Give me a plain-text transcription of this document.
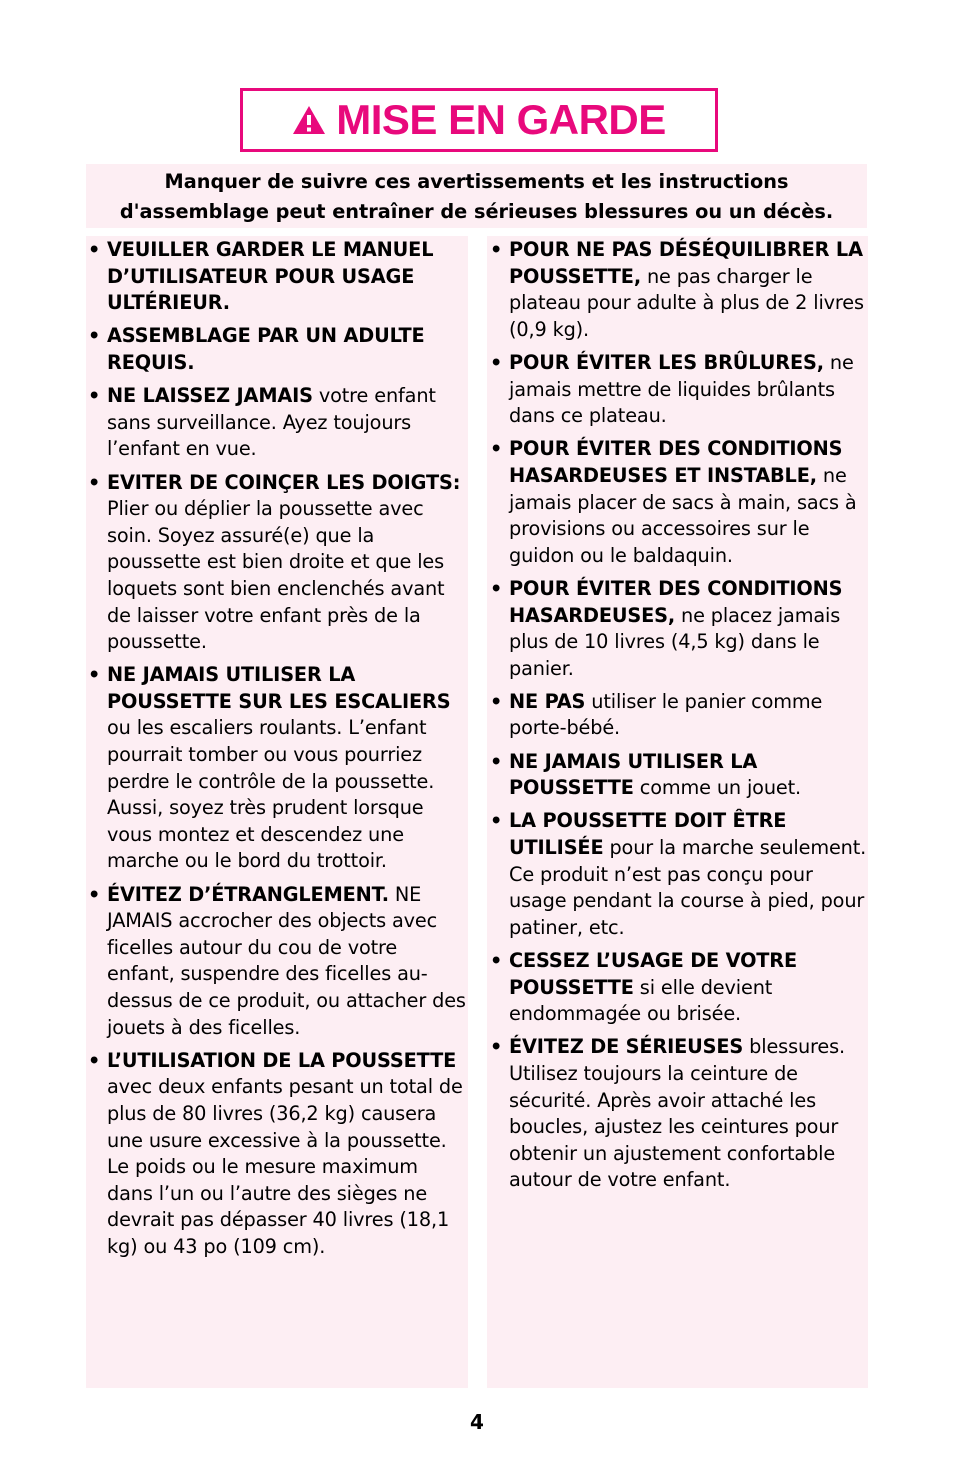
MISE EN GARDE
Manquer de suivre ces avertissements et les instructions
d'assemblage peut entraîner de sérieuses blessures ou un décès.
• VEUILLER GARDER LE MANUEL D’UTILISATEUR POUR USAGE ULTÉRIEUR.
• ASSEMBLAGE PAR UN ADULTE REQUIS.
• NE LAISSEZ JAMAIS votre enfant sans surveillance. Ayez toujours l’enfant en vue.
• EVITER DE COINÇER LES DOIGTS: Plier ou déplier la poussette avec soin. Soyez assuré(e) que la poussette est bien droite et que les loquets sont bien enclenchés avant de laisser votre enfant près de la poussette.
• NE JAMAIS UTILISER LA POUSSETTE SUR LES ESCALIERS ou les escaliers roulants. L’enfant pourrait tomber ou vous pourriez perdre le contrôle de la poussette. Aussi, soyez très prudent lorsque vous montez et descendez une marche ou le bord du trottoir.
• ÉVITEZ D’ÉTRANGLEMENT. NE JAMAIS accrocher des objects avec ficelles autour du cou de votre enfant, suspendre des ficelles au-dessus de ce produit, ou attacher des jouets à des ficelles.
• L’UTILISATION DE LA POUSSETTE avec deux enfants pesant un total de plus de 80 livres (36,2 kg) causera une usure excessive à la poussette. Le poids ou le mesure maximum dans l’un ou l’autre des sièges ne devrait pas dépasser 40 livres (18,1 kg) ou 43 po (109 cm).
• POUR NE PAS DÉSÉQUILIBRER LA POUSSETTE, ne pas charger le plateau pour adulte à plus de 2 livres (0,9 kg).
• POUR ÉVITER LES BRÛLURES, ne jamais mettre de liquides brûlants dans ce plateau.
• POUR ÉVITER DES CONDITIONS HASARDEUSES ET INSTABLE, ne jamais placer de sacs à main, sacs à provisions ou accessoires sur le guidon ou le baldaquin.
• POUR ÉVITER DES CONDITIONS HASARDEUSES, ne placez jamais plus de 10 livres (4,5 kg) dans le panier.
• NE PAS utiliser le panier comme porte-bébé.
• NE JAMAIS UTILISER LA POUSSETTE comme un jouet.
• LA POUSSETTE DOIT ÊTRE UTILISÉE pour la marche seulement. Ce produit n’est pas conçu pour usage pendant la course à pied, pour patiner, etc.
• CESSEZ L’USAGE DE VOTRE POUSSETTE si elle devient endommagée ou brisée.
• ÉVITEZ DE SÉRIEUSES blessures. Utilisez toujours la ceinture de sécurité. Après avoir attaché les boucles, ajustez les ceintures pour obtenir un ajustement confortable autour de votre enfant.
4
